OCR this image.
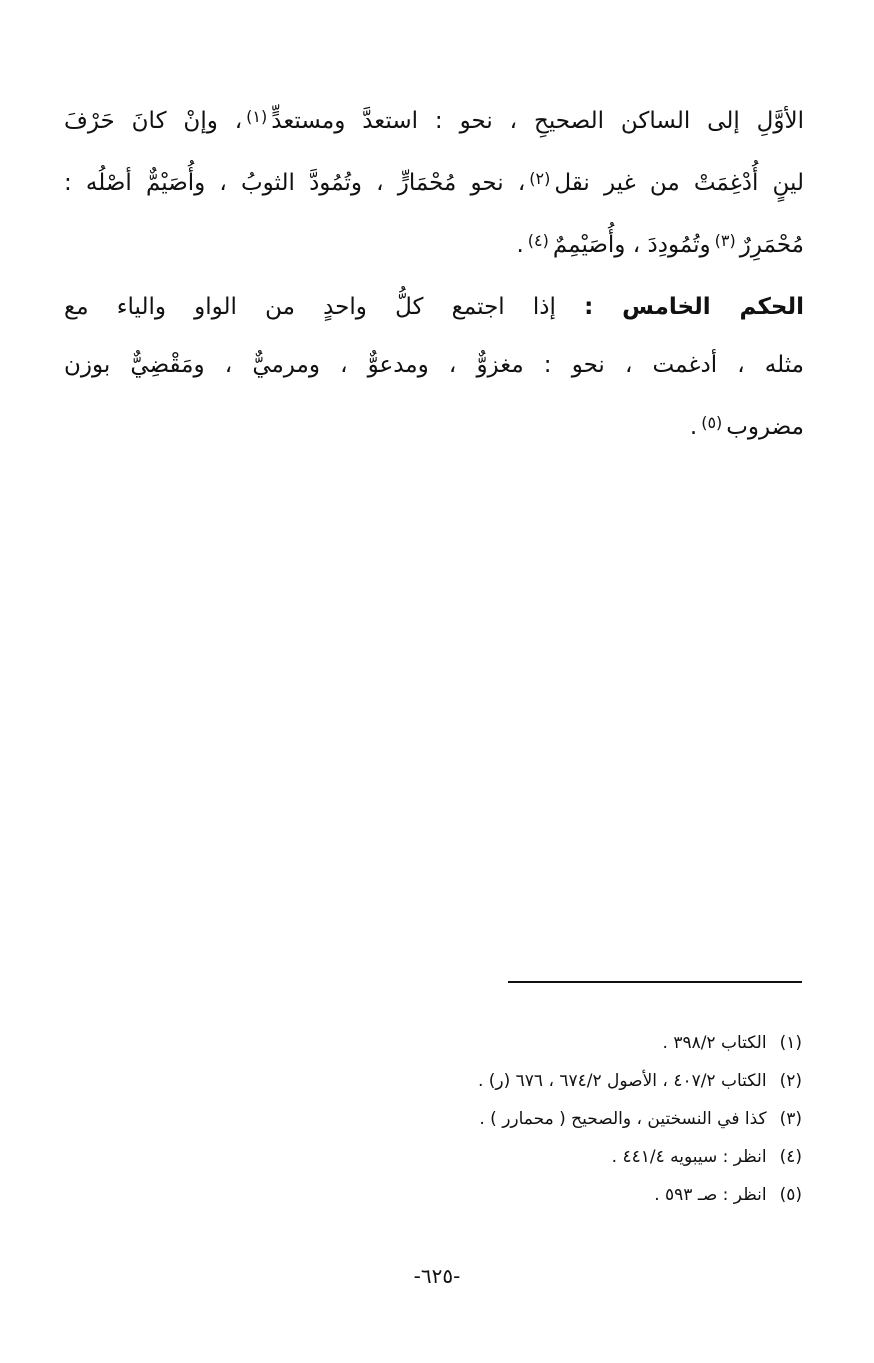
الأوَّلِ إلى الساكن الصحيحِ ، نحو : استعدَّ ومستعدٍّ$^{(١)}$، وإنْ كانَ حَرْفَ
لينٍ أُدْغِمَتْ من غير نقل$^{(٢)}$، نحو مُحْمَارٍّ ، وتُمُودَّ الثوبُ ، وأُصَيْمٌّ أصْلُه :
مُحْمَرِرٌ$^{(٣)}$وتُمُودِدَ ، وأُصَيْمِمٌ$^{(٤)}$.

الحكم الخامس : إذا اجتمع كلُّ واحدٍ من الواو والياء مع
مثله ، أدغمت ، نحو : مغزوٌّ ، ومدعوٌّ ، ومرميٌّ ، ومَقْضِيٌّ بوزن
مضروب$^{(٥)}$.

(١) الكتاب ٣٩٨/٢ .
(٢) الكتاب ٤٠٧/٢ ، الأصول ٦٧٤/٢ ، ٦٧٦ (ر) .
(٣) كذا في النسختين ، والصحيح ( محمارر ) .
(٤) انظر : سيبويه ٤٤١/٤ .
(٥) انظر : صـ ٥٩٣ .
-٦٢٥-
